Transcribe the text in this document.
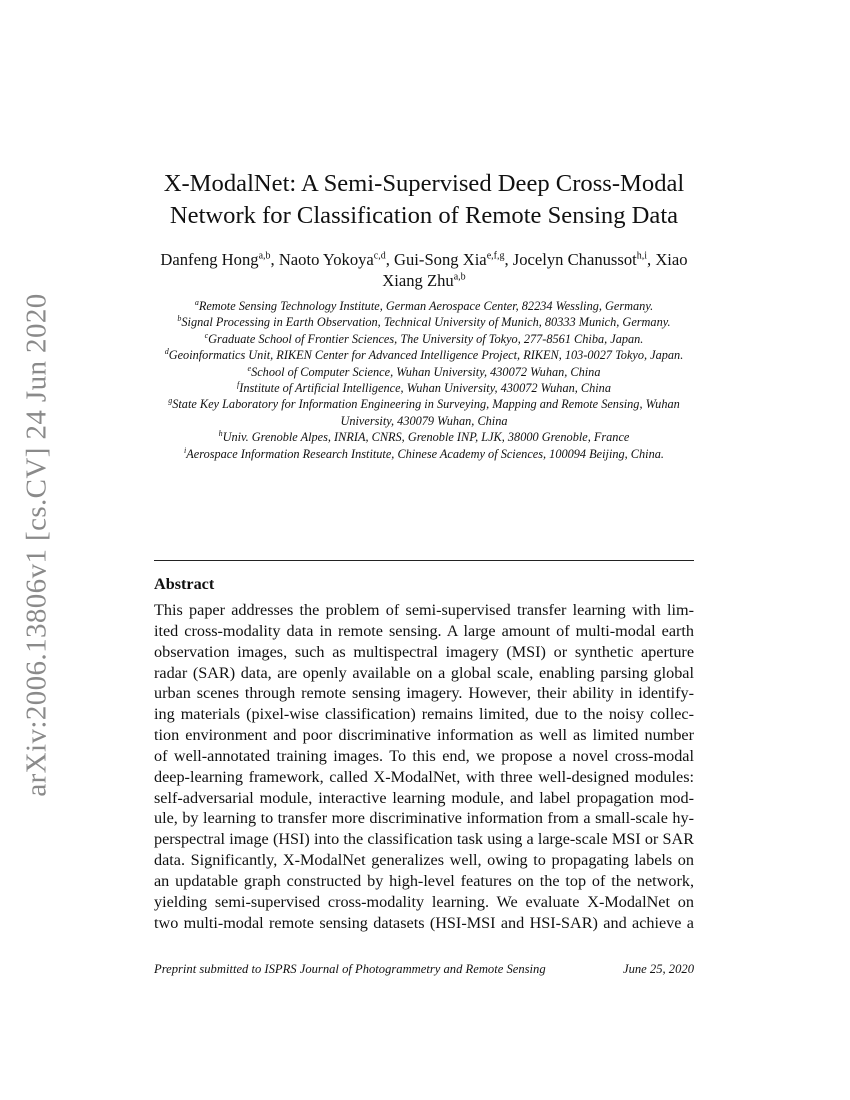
arXiv:2006.13806v1 [cs.CV] 24 Jun 2020
X-ModalNet: A Semi-Supervised Deep Cross-Modal
Network for Classification of Remote Sensing Data
Danfeng Hong$^{a,b}$, Naoto Yokoya$^{c,d}$, Gui-Song Xia$^{e,f,g}$, Jocelyn Chanussot$^{h,i}$, Xiao Xiang Zhu$^{a,b}$
$^a$Remote Sensing Technology Institute, German Aerospace Center, 82234 Wessling, Germany.
$^b$Signal Processing in Earth Observation, Technical University of Munich, 80333 Munich, Germany.
$^c$Graduate School of Frontier Sciences, The University of Tokyo, 277-8561 Chiba, Japan.
$^d$Geoinformatics Unit, RIKEN Center for Advanced Intelligence Project, RIKEN, 103-0027 Tokyo, Japan.
$^e$School of Computer Science, Wuhan University, 430072 Wuhan, China
$^f$Institute of Artificial Intelligence, Wuhan University, 430072 Wuhan, China
$^g$State Key Laboratory for Information Engineering in Surveying, Mapping and Remote Sensing, Wuhan University, 430079 Wuhan, China
$^h$Univ. Grenoble Alpes, INRIA, CNRS, Grenoble INP, LJK, 38000 Grenoble, France
$^i$Aerospace Information Research Institute, Chinese Academy of Sciences, 100094 Beijing, China.
Abstract
This paper addresses the problem of semi-supervised transfer learning with lim-
ited cross-modality data in remote sensing. A large amount of multi-modal earth
observation images, such as multispectral imagery (MSI) or synthetic aperture
radar (SAR) data, are openly available on a global scale, enabling parsing global
urban scenes through remote sensing imagery. However, their ability in identify-
ing materials (pixel-wise classification) remains limited, due to the noisy collec-
tion environment and poor discriminative information as well as limited number
of well-annotated training images. To this end, we propose a novel cross-modal
deep-learning framework, called X-ModalNet, with three well-designed modules:
self-adversarial module, interactive learning module, and label propagation mod-
ule, by learning to transfer more discriminative information from a small-scale hy-
perspectral image (HSI) into the classification task using a large-scale MSI or SAR
data. Significantly, X-ModalNet generalizes well, owing to propagating labels on
an updatable graph constructed by high-level features on the top of the network,
yielding semi-supervised cross-modality learning. We evaluate X-ModalNet on
two multi-modal remote sensing datasets (HSI-MSI and HSI-SAR) and achieve a
Preprint submitted to ISPRS Journal of Photogrammetry and Remote Sensing	June 25, 2020
